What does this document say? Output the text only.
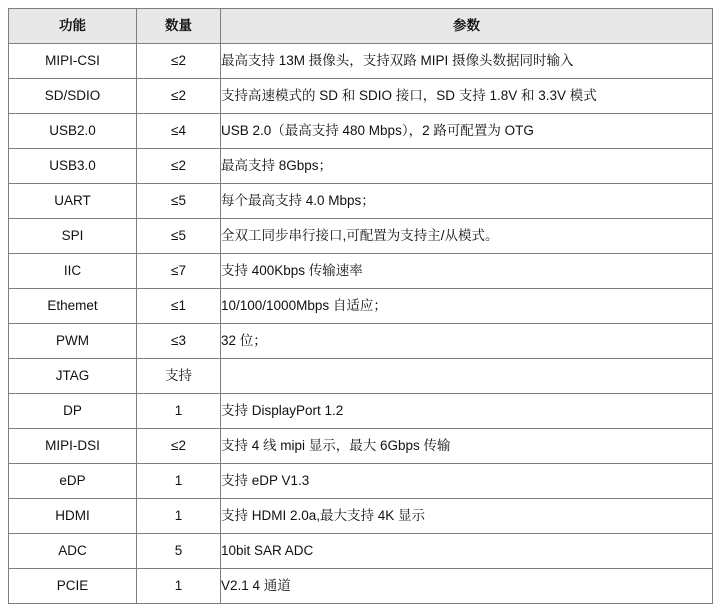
功能	数量	参数
MIPI-CSI	≤2	最高支持 13M 摄像头，支持双路 MIPI 摄像头数据同时输入
SD/SDIO	≤2	支持高速模式的 SD 和 SDIO 接口，SD 支持 1.8V 和 3.3V 模式
USB2.0	≤4	USB 2.0（最高支持 480 Mbps），2 路可配置为 OTG
USB3.0	≤2	最高支持 8Gbps；
UART	≤5	每个最高支持 4.0 Mbps；
SPI	≤5	全双工同步串行接口,可配置为支持主/从模式。
IIC	≤7	支持 400Kbps 传输速率
Ethemet	≤1	10/100/1000Mbps 自适应；
PWM	≤3	32 位；
JTAG	支持	
DP	1	支持 DisplayPort 1.2
MIPI-DSI	≤2	支持 4 线 mipi 显示，最大 6Gbps 传输
eDP	1	支持 eDP V1.3
HDMI	1	支持 HDMI 2.0a,最大支持 4K 显示
ADC	5	10bit SAR ADC
PCIE	1	V2.1 4 通道
